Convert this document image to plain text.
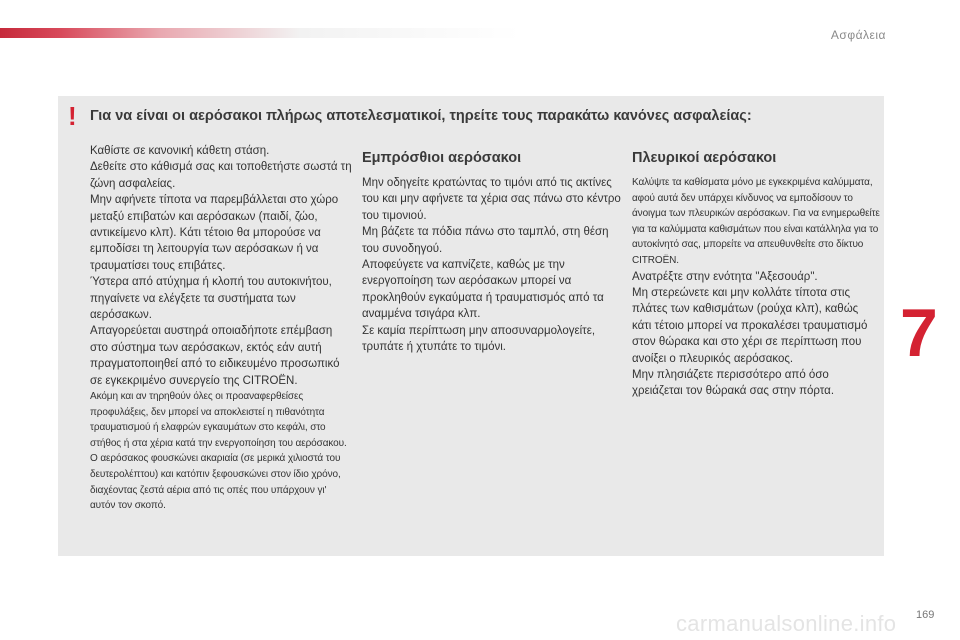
Ασφάλεια
! Για να είναι οι αερόσακοι πλήρως αποτελεσματικοί, τηρείτε τους παρακάτω κανόνες ασφαλείας:

Καθίστε σε κανονική κάθετη στάση.
Δεθείτε στο κάθισμά σας και τοποθετήστε σωστά τη ζώνη ασφαλείας.
Μην αφήνετε τίποτα να παρεμβάλλεται στο χώρο μεταξύ επιβατών και αερόσακων (παιδί, ζώο, αντικείμενο κλπ). Κάτι τέτοιο θα μπορούσε να εμποδίσει τη λειτουργία των αερόσακων ή να τραυματίσει τους επιβάτες.
Ύστερα από ατύχημα ή κλοπή του αυτοκινήτου, πηγαίνετε να ελέγξετε τα συστήματα των αερόσακων.
Απαγορεύεται αυστηρά οποιαδήποτε επέμβαση στο σύστημα των αερόσακων, εκτός εάν αυτή πραγματοποιηθεί από το ειδικευμένο προσωπικό σε εγκεκριμένο συνεργείο της CITROËN.

Ακόμη και αν τηρηθούν όλες οι προαναφερθείσες προφυλάξεις, δεν μπορεί να αποκλειστεί η πιθανότητα τραυματισμού ή ελαφρών εγκαυμάτων στο κεφάλι, στο στήθος ή στα χέρια κατά την ενεργοποίηση του αερόσακου. Ο αερόσακος φουσκώνει ακαριαία (σε μερικά χιλιοστά του δευτερολέπτου) και κατόπιν ξεφουσκώνει στον ίδιο χρόνο, διαχέοντας ζεστά αέρια από τις οπές που υπάρχουν γι' αυτόν τον σκοπό.

Εμπρόσθιοι αερόσακοι

Μην οδηγείτε κρατώντας το τιμόνι από τις ακτίνες του και μην αφήνετε τα χέρια σας πάνω στο κέντρο του τιμονιού.
Μη βάζετε τα πόδια πάνω στο ταμπλό, στη θέση του συνοδηγού.
Αποφεύγετε να καπνίζετε, καθώς με την ενεργοποίηση των αερόσακων μπορεί να προκληθούν εγκαύματα ή τραυματισμός από τα αναμμένα τσιγάρα κλπ.
Σε καμία περίπτωση μην αποσυναρμολογείτε, τρυπάτε ή χτυπάτε το τιμόνι.

Πλευρικοί αερόσακοι

Καλύψτε τα καθίσματα μόνο με εγκεκριμένα καλύμματα, αφού αυτά δεν υπάρχει κίνδυνος να εμποδίσουν το άνοιγμα των πλευρικών αερόσακων. Για να ενημερωθείτε για τα καλύμματα καθισμάτων που είναι κατάλληλα για το αυτοκίνητό σας, μπορείτε να απευθυνθείτε στο δίκτυο CITROËN.

Ανατρέξτε στην ενότητα "Αξεσουάρ".
Μη στερεώνετε και μην κολλάτε τίποτα στις πλάτες των καθισμάτων (ρούχα κλπ), καθώς κάτι τέτοιο μπορεί να προκαλέσει τραυματισμό στον θώρακα και στο χέρι σε περίπτωση που ανοίξει ο πλευρικός αερόσακος.
Μην πλησιάζετε περισσότερο από όσο χρειάζεται τον θώρακά σας στην πόρτα.

7
carmanualsonline.info 169
